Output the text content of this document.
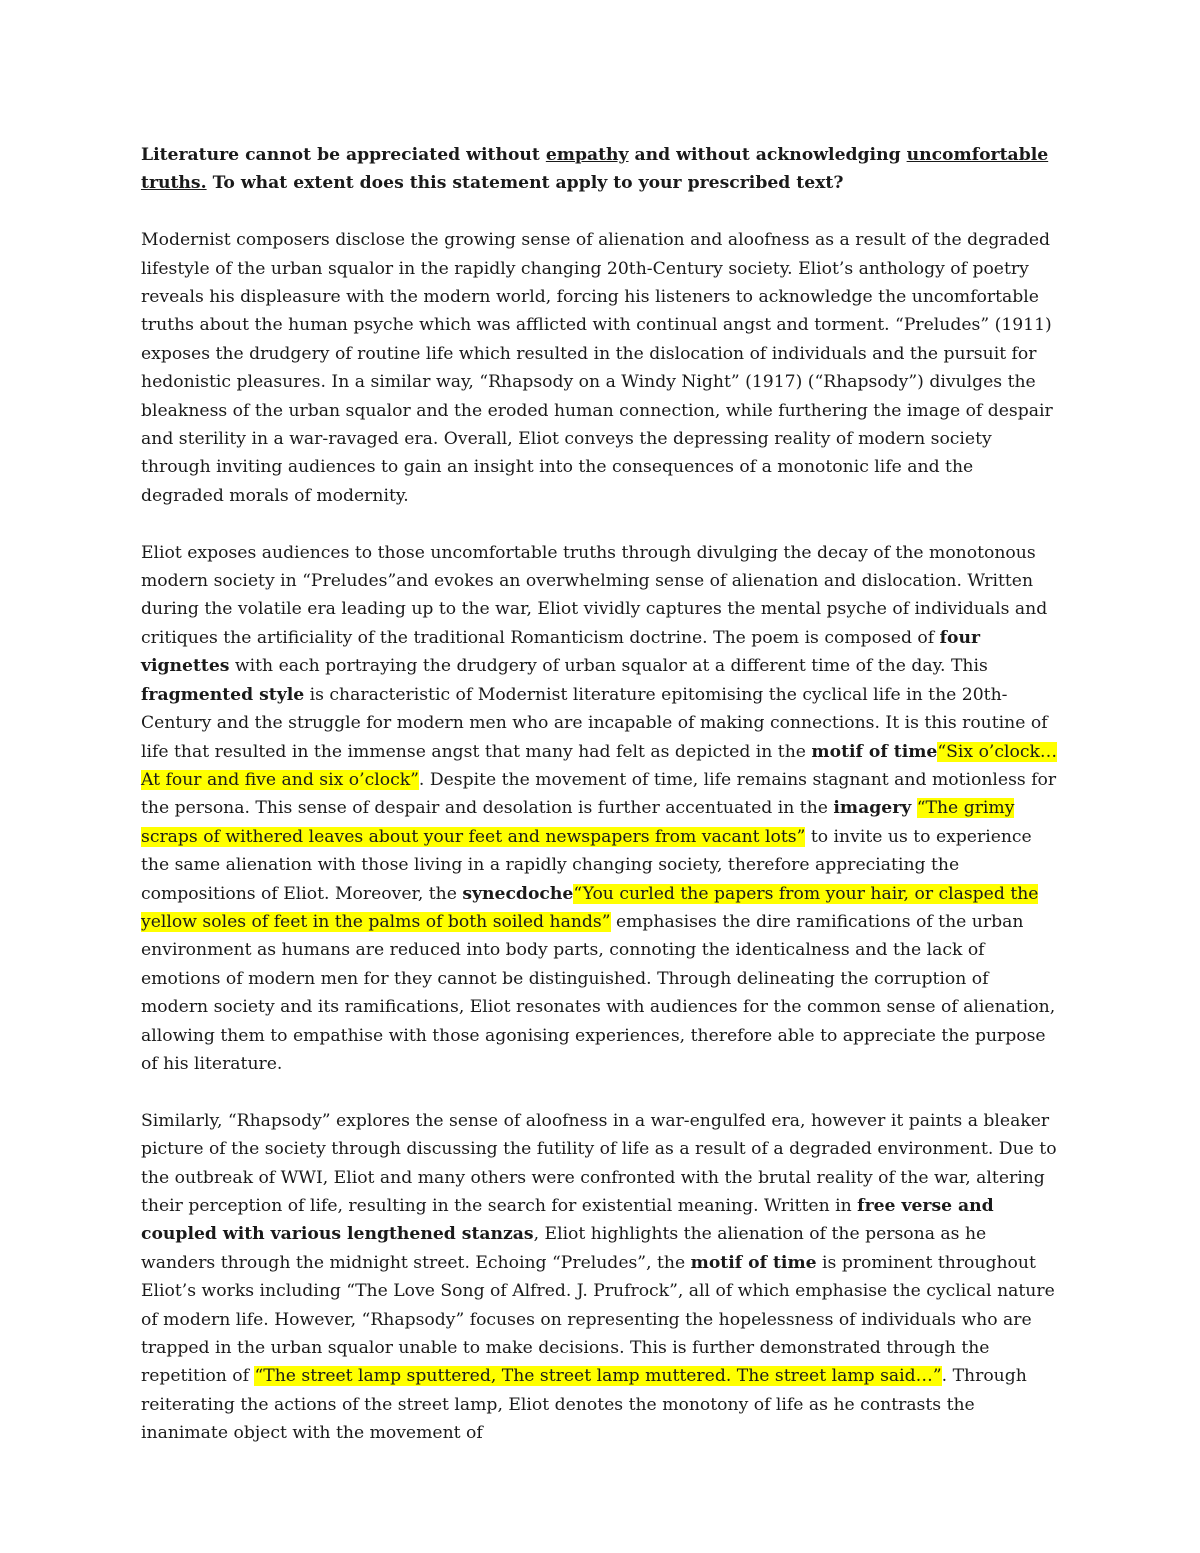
Literature cannot be appreciated without empathy and without acknowledging uncomfortable truths. To what extent does this statement apply to your prescribed text?

Modernist composers disclose the growing sense of alienation and aloofness as a result of the degraded lifestyle of the urban squalor in the rapidly changing 20th-Century society. Eliot’s anthology of poetry reveals his displeasure with the modern world, forcing his listeners to acknowledge the uncomfortable truths about the human psyche which was afflicted with continual angst and torment. “Preludes” (1911) exposes the drudgery of routine life which resulted in the dislocation of individuals and the pursuit for hedonistic pleasures. In a similar way, “Rhapsody on a Windy Night” (1917) (“Rhapsody”) divulges the bleakness of the urban squalor and the eroded human connection, while furthering the image of despair and sterility in a war-ravaged era. Overall, Eliot conveys the depressing reality of modern society through inviting audiences to gain an insight into the consequences of a monotonic life and the degraded morals of modernity.

Eliot exposes audiences to those uncomfortable truths through divulging the decay of the monotonous modern society in “Preludes”and evokes an overwhelming sense of alienation and dislocation. Written during the volatile era leading up to the war, Eliot vividly captures the mental psyche of individuals and critiques the artificiality of the traditional Romanticism doctrine. The poem is composed of four vignettes with each portraying the drudgery of urban squalor at a different time of the day. This fragmented style is characteristic of Modernist literature epitomising the cyclical life in the 20th-Century and the struggle for modern men who are incapable of making connections. It is this routine of life that resulted in the immense angst that many had felt as depicted in the motif of time“Six o’clock…At four and five and six o’clock”. Despite the movement of time, life remains stagnant and motionless for the persona. This sense of despair and desolation is further accentuated in the imagery “The grimy scraps of withered leaves about your feet and newspapers from vacant lots” to invite us to experience the same alienation with those living in a rapidly changing society, therefore appreciating the compositions of Eliot. Moreover, the synecdoche“You curled the papers from your hair, or clasped the yellow soles of feet in the palms of both soiled hands” emphasises the dire ramifications of the urban environment as humans are reduced into body parts, connoting the identicalness and the lack of emotions of modern men for they cannot be distinguished. Through delineating the corruption of modern society and its ramifications, Eliot resonates with audiences for the common sense of alienation, allowing them to empathise with those agonising experiences, therefore able to appreciate the purpose of his literature.

Similarly, “Rhapsody” explores the sense of aloofness in a war-engulfed era, however it paints a bleaker picture of the society through discussing the futility of life as a result of a degraded environment. Due to the outbreak of WWI, Eliot and many others were confronted with the brutal reality of the war, altering their perception of life, resulting in the search for existential meaning. Written in free verse and coupled with various lengthened stanzas, Eliot highlights the alienation of the persona as he wanders through the midnight street. Echoing “Preludes”, the motif of time is prominent throughout Eliot’s works including “The Love Song of Alfred. J. Prufrock”, all of which emphasise the cyclical nature of modern life. However, “Rhapsody” focuses on representing the hopelessness of individuals who are trapped in the urban squalor unable to make decisions. This is further demonstrated through the repetition of “The street lamp sputtered, The street lamp muttered. The street lamp said…”. Through reiterating the actions of the street lamp, Eliot denotes the monotony of life as he contrasts the inanimate object with the movement of
